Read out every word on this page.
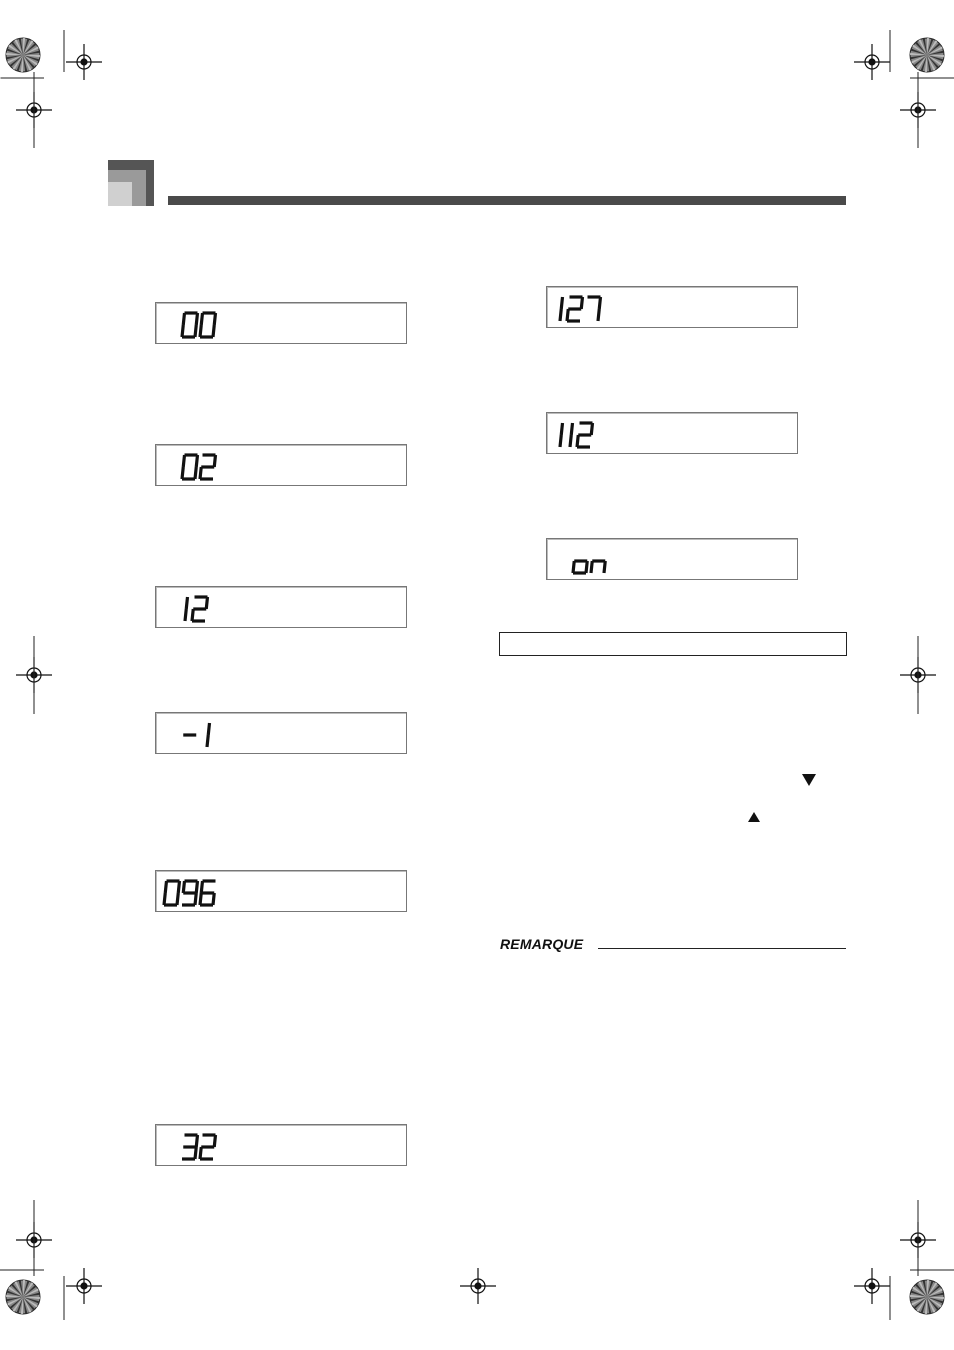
REMARQUE
